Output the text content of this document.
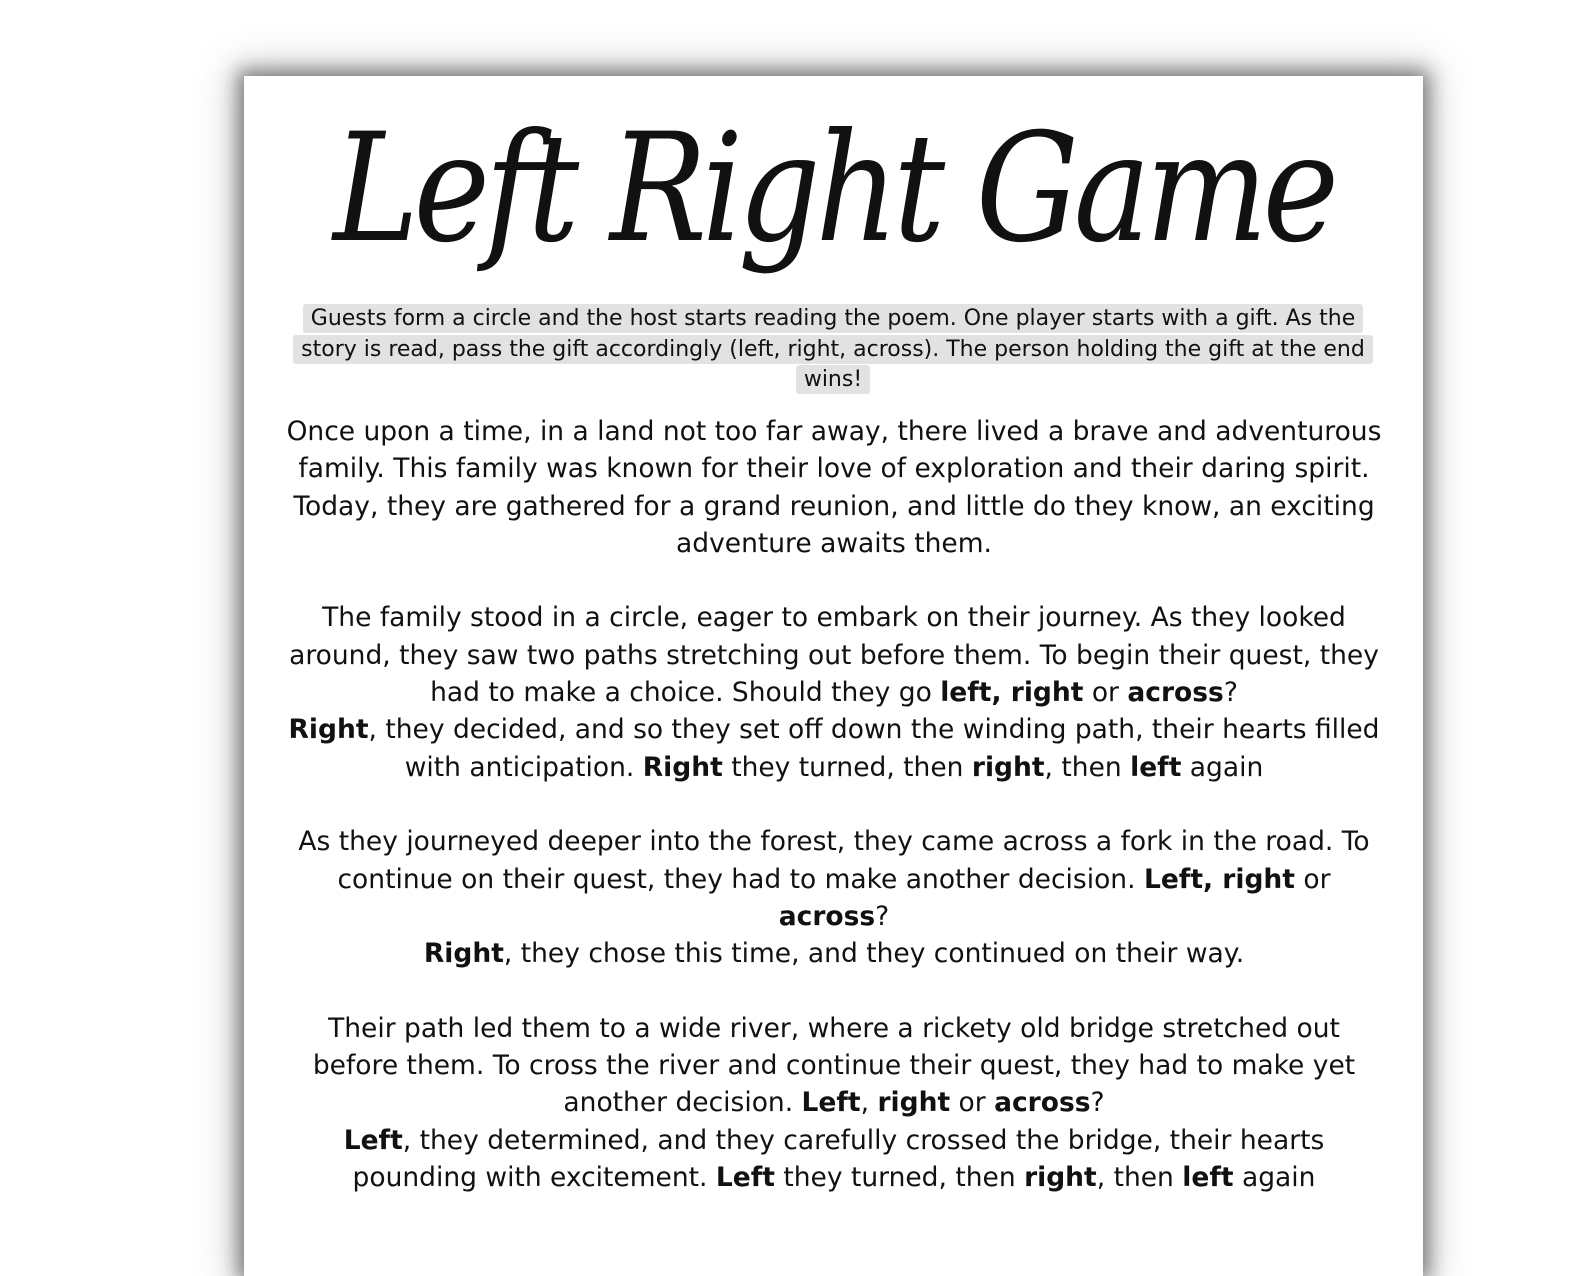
Left Right Game
Guests form a circle and the host starts reading the poem. One player starts with a gift. As the story is read, pass the gift accordingly (left, right, across). The person holding the gift at the end wins!

Once upon a time, in a land not too far away, there lived a brave and adventurous family. This family was known for their love of exploration and their daring spirit. Today, they are gathered for a grand reunion, and little do they know, an exciting adventure awaits them.

The family stood in a circle, eager to embark on their journey. As they looked around, they saw two paths stretching out before them. To begin their quest, they had to make a choice. Should they go left, right or across?
Right, they decided, and so they set off down the winding path, their hearts filled with anticipation. Right they turned, then right, then left again

As they journeyed deeper into the forest, they came across a fork in the road. To continue on their quest, they had to make another decision. Left, right or across?
Right, they chose this time, and they continued on their way.

Their path led them to a wide river, where a rickety old bridge stretched out before them. To cross the river and continue their quest, they had to make yet another decision. Left, right or across?
Left, they determined, and they carefully crossed the bridge, their hearts pounding with excitement. Left they turned, then right, then left again
